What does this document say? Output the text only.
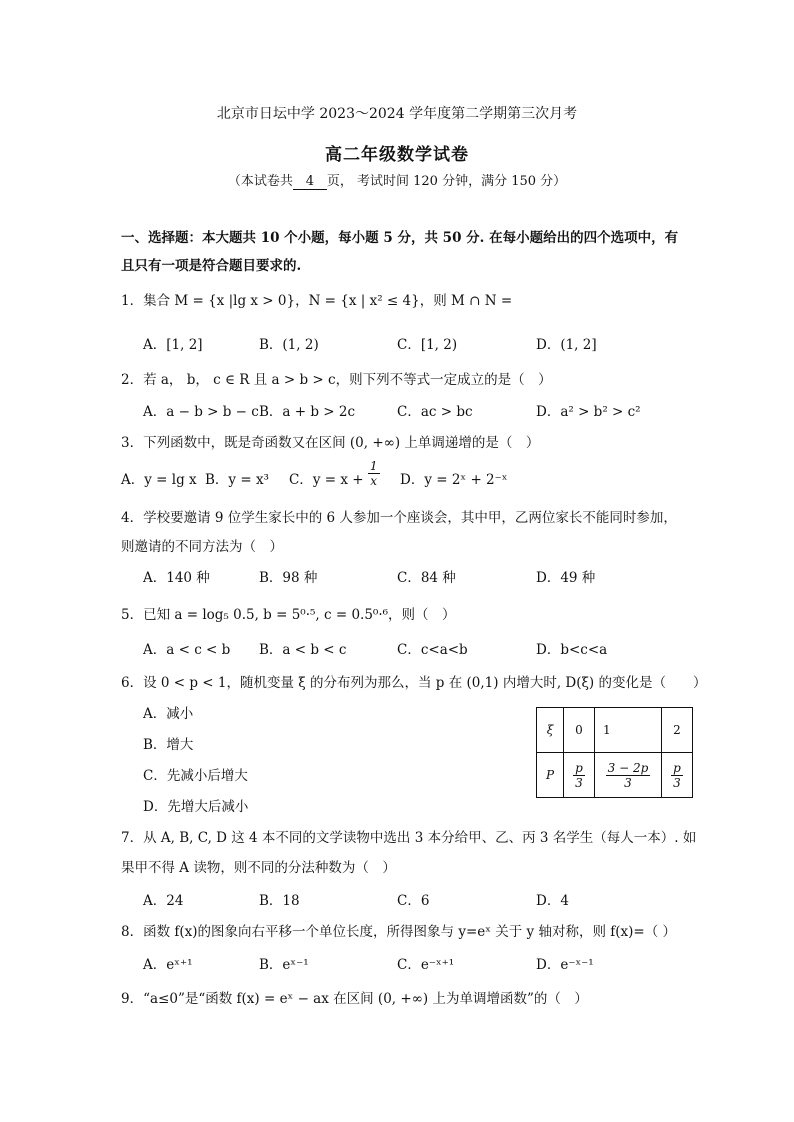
北京市日坛中学 2023～2024 学年度第二学期第三次月考
高二年级数学试卷
（本试卷共 4 页， 考试时间 120 分钟，满分 150 分）
一、选择题：本大题共 10 个小题，每小题 5 分，共 50 分. 在每小题给出的四个选项中，有
且只有一项是符合题目要求的.
1．集合 M = {x |lg x > 0}，N = {x | x² ≤ 4}，则 M ∩ N =
A．[1, 2]	B．(1, 2)	C．[1, 2)	D．(1, 2]
2．若 a， b， c ∈ R 且 a > b > c，则下列不等式一定成立的是（　）
A．a − b > b − c B．a + b > 2c	C．ac > bc	D．a² > b² > c²
3．下列函数中，既是奇函数又在区间 (0, +∞) 上单调递增的是（　）
A．y = lg x B．y = x³ C．$y = x + \frac{1}{x}$ D．y = 2ˣ + 2⁻ˣ
4．学校要邀请 9 位学生家长中的 6 人参加一个座谈会，其中甲，乙两位家长不能同时参加，
则邀请的不同方法为（　）
A．140 种	B．98 种	C．84 种	D．49 种
5．已知 a = log₅ 0.5, b = 5⁰·⁵, c = 0.5⁰·⁶，则（　）
A．a < c < b B．a < b < c	C．c<a<b	D．b<c<a
6．设 0 < p < 1，随机变量 ξ 的分布列为那么，当 p 在 (0,1) 内增大时, D(ξ) 的变化是（　　）
A．减小
B．增大
C．先减小后增大
D．先增大后减小
ξ	0	1	2
P	$\frac{p}{3}$	$\frac{3 - 2p}{3}$	$\frac{p}{3}$
7．从 A, B, C, D 这 4 本不同的文学读物中选出 3 本分给甲、乙、丙 3 名学生（每人一本）. 如
果甲不得 A 读物，则不同的分法种数为（　）
A．24	B．18	C．6	D．4
8．函数 f(x)的图象向右平移一个单位长度，所得图象与 y=eˣ 关于 y 轴对称，则 f(x)=（ ）
A．eˣ⁺¹	B．eˣ⁻¹	C．e⁻ˣ⁺¹	D．e⁻ˣ⁻¹
9．“a≤0”是“函数 f(x) = eˣ − ax 在区间 (0, +∞) 上为单调增函数”的（　）
